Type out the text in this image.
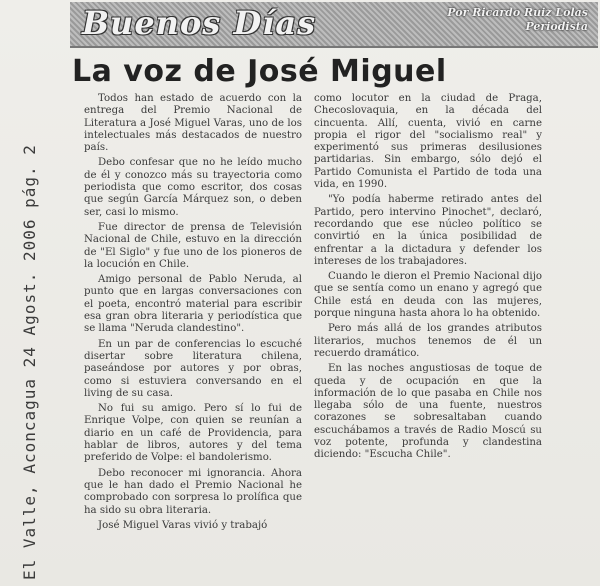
Buenos Días	Por Ricardo Ruiz Lolas
Periodista
La voz de José Miguel

Todos han estado de acuerdo con la entrega del Premio Nacional de Literatura a José Miguel Varas, uno de los intelectuales más destacados de nuestro país.

Debo confesar que no he leído mucho de él y conozco más su trayectoria como periodista que como escritor, dos cosas que según García Márquez son, o deben ser, casi lo mismo.

Fue director de prensa de Televisión Nacional de Chile, estuvo en la dirección de "El Siglo" y fue uno de los pioneros de la locución en Chile.

Amigo personal de Pablo Neruda, al punto que en largas conversaciones con el poeta, encontró material para escribir esa gran obra literaria y periodística que se llama "Neruda clandestino".

En un par de conferencias lo escuché disertar sobre literatura chilena, paseándose por autores y por obras, como si estuviera conversando en el living de su casa.

No fui su amigo. Pero sí lo fui de Enrique Volpe, con quien se reunían a diario en un café de Providencia, para hablar de libros, autores y del tema preferido de Volpe: el bandolerismo.

Debo reconocer mi ignorancia. Ahora que le han dado el Premio Nacional he comprobado con sorpresa lo prolífica que ha sido su obra literaria.

José Miguel Varas vivió y trabajó

como locutor en la ciudad de Praga, Checoslovaquia, en la década del cincuenta. Allí, cuenta, vivió en carne propia el rigor del "socialismo real" y experimentó sus primeras desilusiones partidarias. Sin embargo, sólo dejó el Partido Comunista el Partido de toda una vida, en 1990.

"Yo podía haberme retirado antes del Partido, pero intervino Pinochet", declaró, recordando que ese núcleo político se convirtió en la única posibilidad de enfrentar a la dictadura y defender los intereses de los trabajadores.

Cuando le dieron el Premio Nacional dijo que se sentía como un enano y agregó que Chile está en deuda con las mujeres, porque ninguna hasta ahora lo ha obtenido.

Pero más allá de los grandes atributos literarios, muchos tenemos de él un recuerdo dramático.

En las noches angustiosas de toque de queda y de ocupación en que la información de lo que pasaba en Chile nos llegaba sólo de una fuente, nuestros corazones se sobresaltaban cuando escuchábamos a través de Radio Moscú su voz potente, profunda y clandestina diciendo: "Escucha Chile".

El Valle, Aconcagua 24 Agost. 2006 pág. 2
